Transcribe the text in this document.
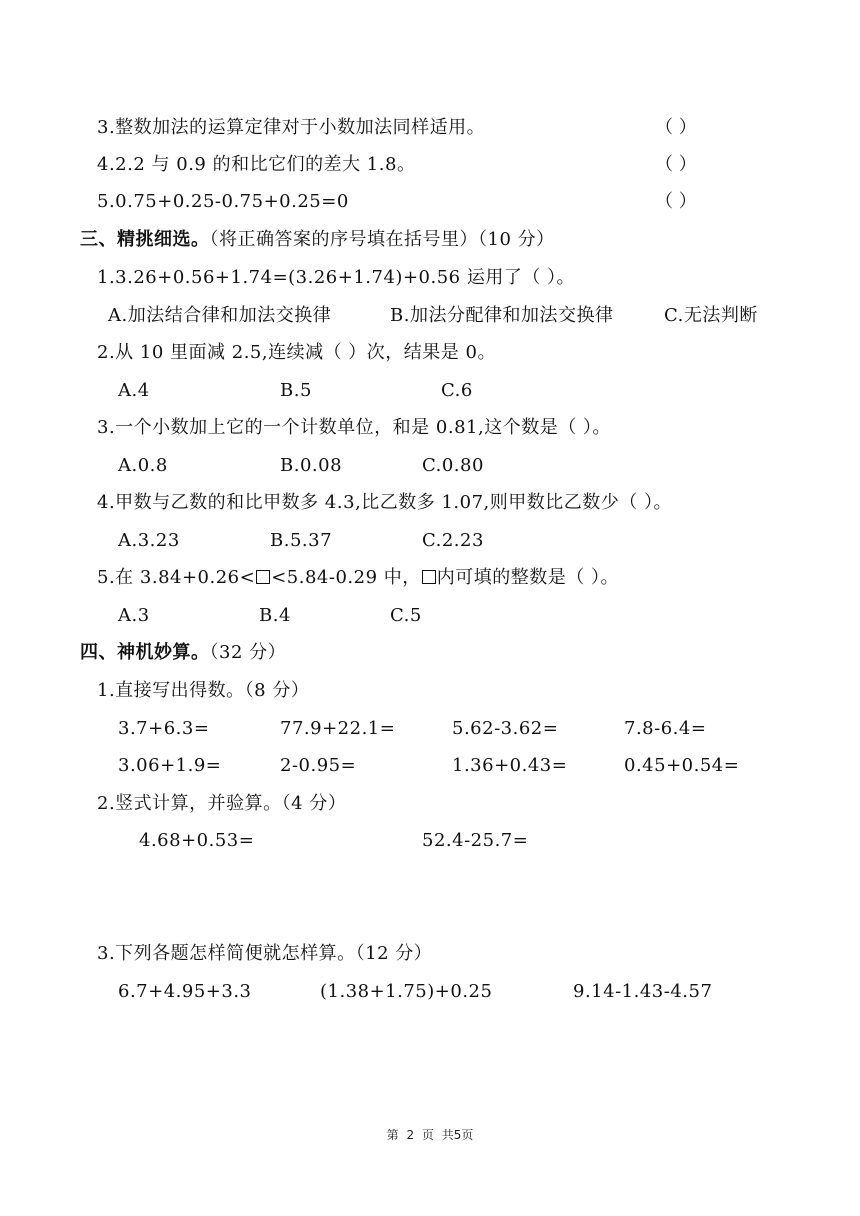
3.整数加法的运算定律对于小数加法同样适用。	（ ）
4.2.2 与 0.9 的和比它们的差大 1.8。	（ ）
5.0.75+0.25-0.75+0.25=0	（ ）
三、精挑细选。（将正确答案的序号填在括号里）（10 分）
1.3.26+0.56+1.74=(3.26+1.74)+0.56 运用了（ ）。
A.加法结合律和加法交换律	B.加法分配律和加法交换律	C.无法判断
2.从 10 里面减 2.5,连续减（ ）次，结果是 0。
A.4	B.5	C.6
3.一个小数加上它的一个计数单位，和是 0.81,这个数是（ ）。
A.0.8	B.0.08	C.0.80
4.甲数与乙数的和比甲数多 4.3,比乙数多 1.07,则甲数比乙数少（ ）。
A.3.23	B.5.37	C.2.23
5.在 3.84+0.26< <5.84-0.29 中， 内可填的整数是（ ）。
A.3	B.4	C.5
四、神机妙算。（32 分）
1.直接写出得数。（8 分）
3.7+6.3=	77.9+22.1=	5.62-3.62=	7.8-6.4=
3.06+1.9=	2-0.95=	1.36+0.43=	0.45+0.54=
2.竖式计算，并验算。（4 分）
4.68+0.53=	52.4-25.7=
3.下列各题怎样简便就怎样算。（12 分）
6.7+4.95+3.3	(1.38+1.75)+0.25	9.14-1.43-4.57
第 2 页 共5页
